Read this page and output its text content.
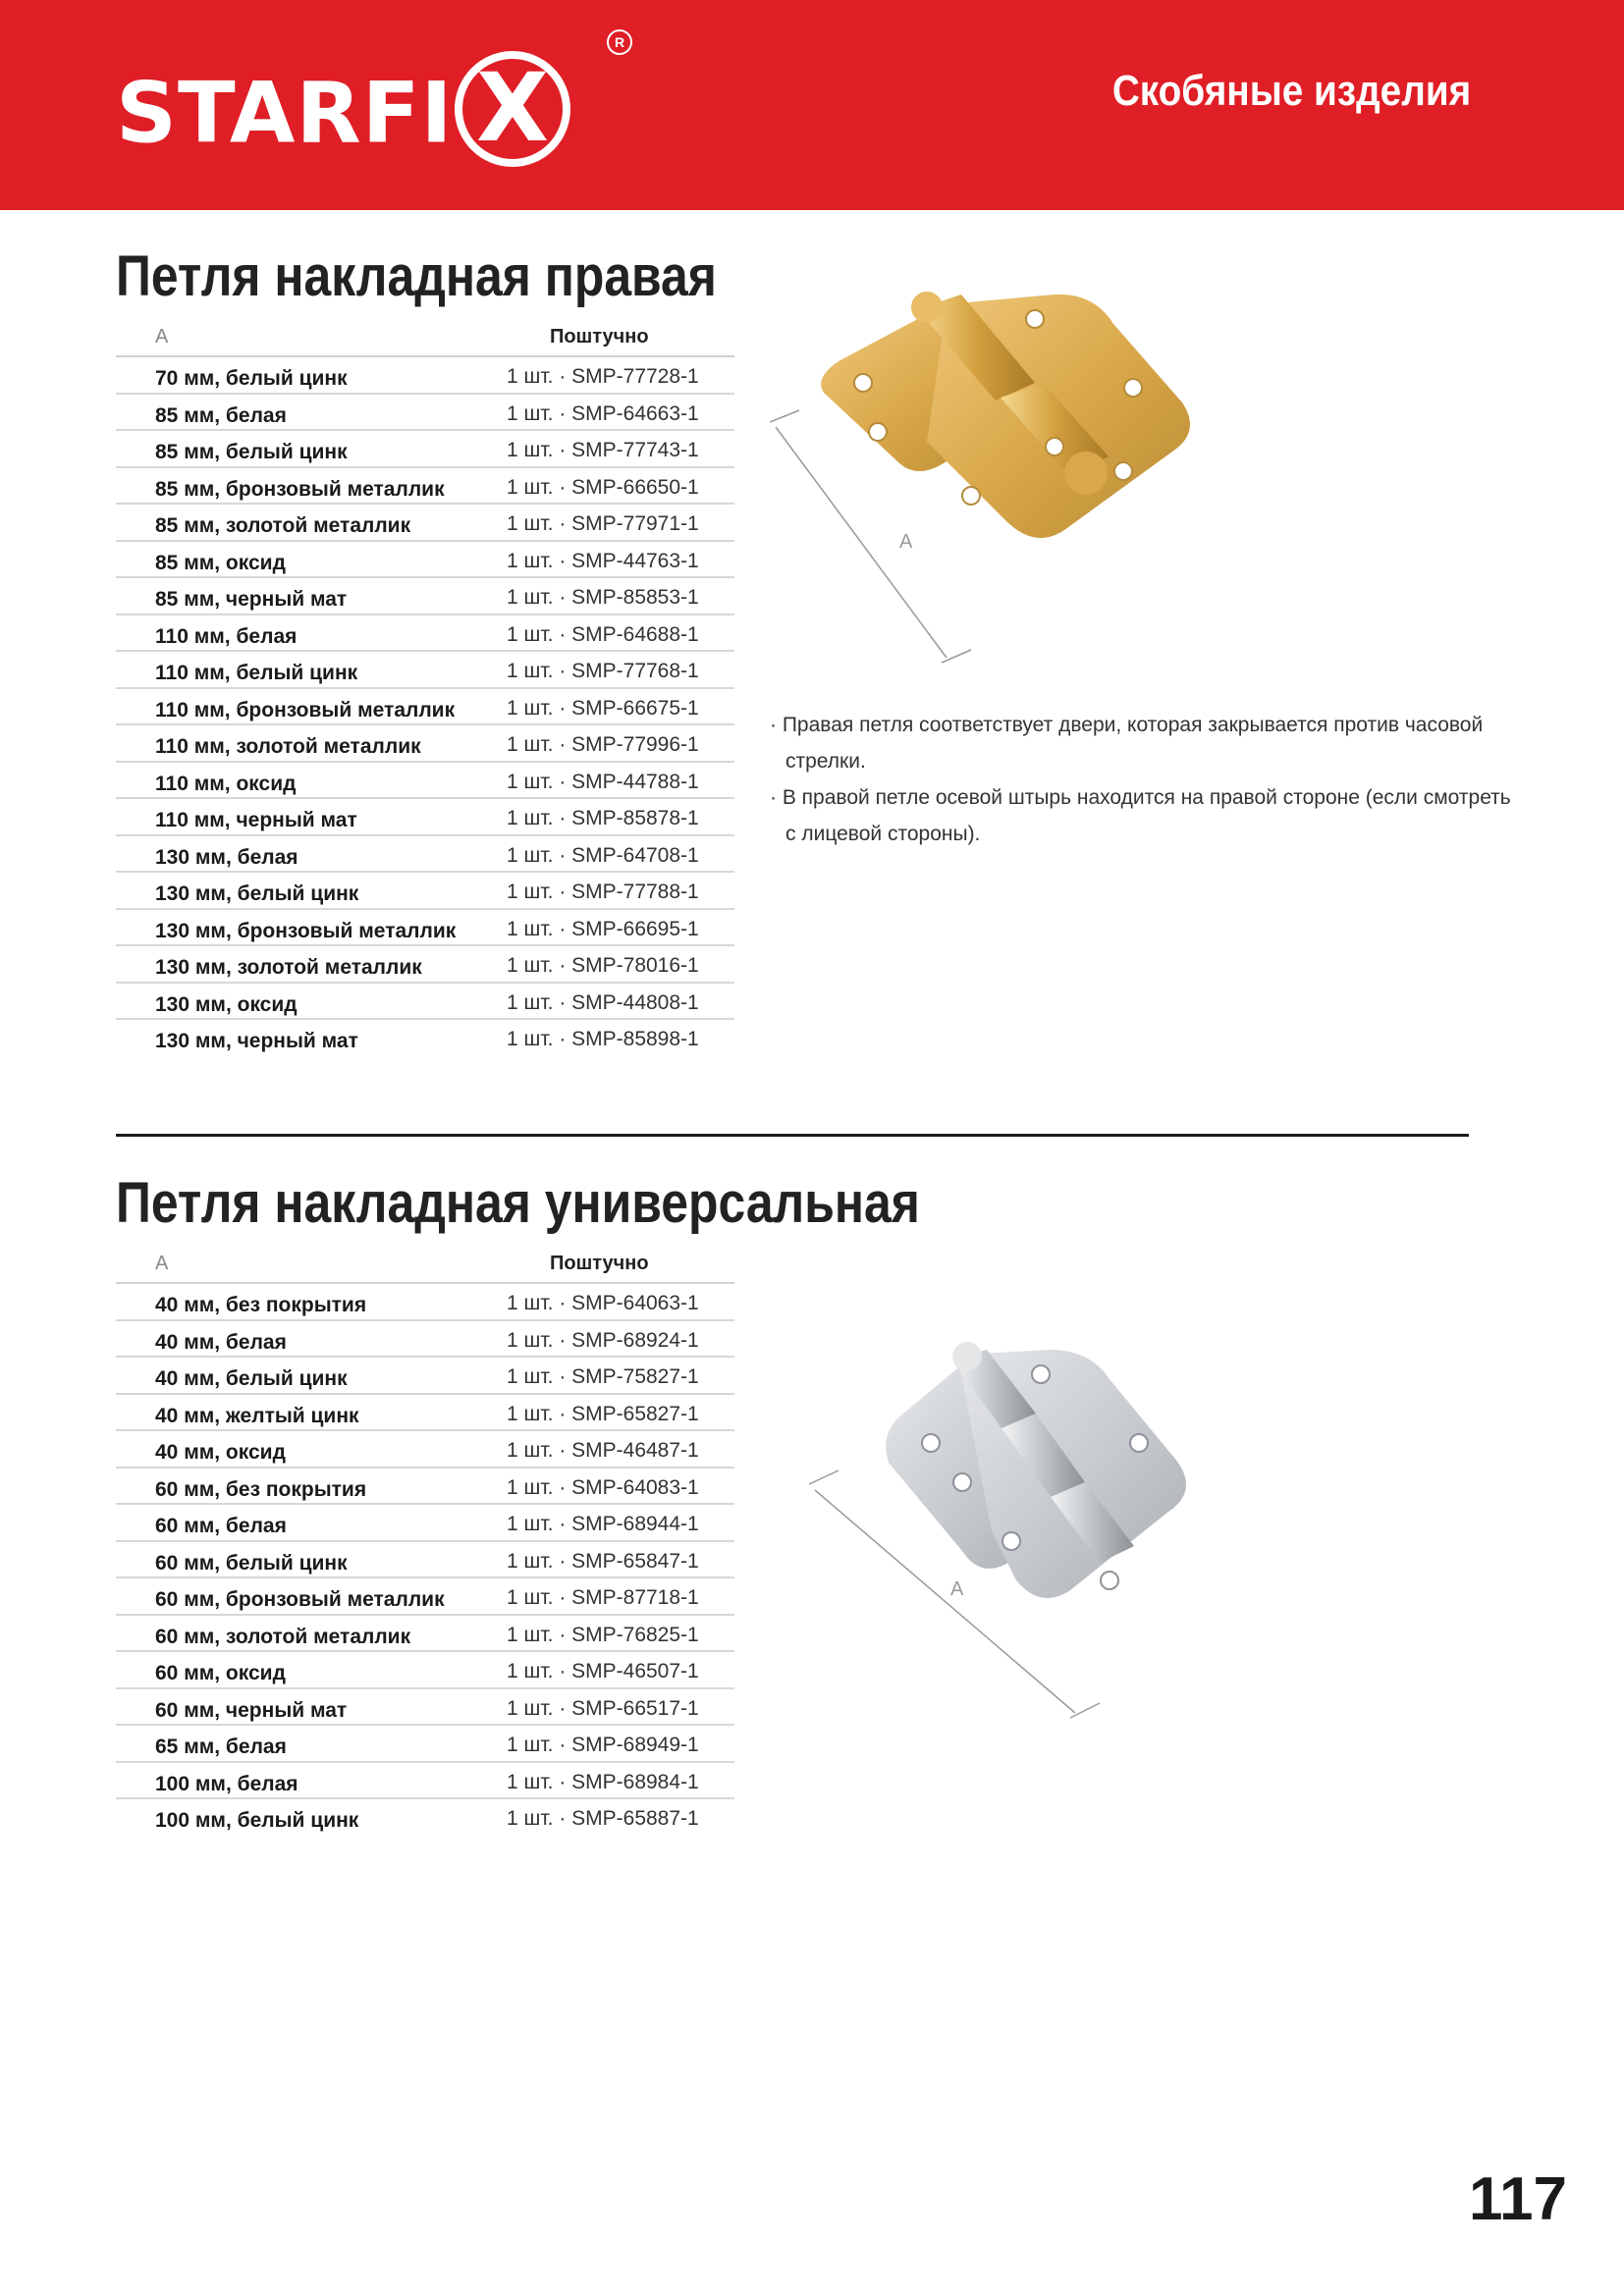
STARFI X
R
Скобяные изделия
Петля накладная правая
A	Поштучно
70 мм, белый цинк	1 шт. · SMP-77728-1
85 мм, белая	1 шт. · SMP-64663-1
85 мм, белый цинк	1 шт. · SMP-77743-1
85 мм, бронзовый металлик	1 шт. · SMP-66650-1
85 мм, золотой металлик	1 шт. · SMP-77971-1
85 мм, оксид	1 шт. · SMP-44763-1
85 мм, черный мат	1 шт. · SMP-85853-1
110 мм, белая	1 шт. · SMP-64688-1
110 мм, белый цинк	1 шт. · SMP-77768-1
110 мм, бронзовый металлик	1 шт. · SMP-66675-1
110 мм, золотой металлик	1 шт. · SMP-77996-1
110 мм, оксид	1 шт. · SMP-44788-1
110 мм, черный мат	1 шт. · SMP-85878-1
130 мм, белая	1 шт. · SMP-64708-1
130 мм, белый цинк	1 шт. · SMP-77788-1
130 мм, бронзовый металлик 1 шт. · SMP-66695-1
130 мм, золотой металлик	1 шт. · SMP-78016-1
130 мм, оксид	1 шт. · SMP-44808-1
130 мм, черный мат	1 шт. · SMP-85898-1
A

· Правая петля соответствует двери, которая закрывается против часовой стрелки.

· В правой петле осевой штырь находится на правой стороне (если смотреть с лицевой стороны).

Петля накладная универсальная
A	Поштучно
40 мм, без покрытия	1 шт. · SMP-64063-1
40 мм, белая	1 шт. · SMP-68924-1
40 мм, белый цинк	1 шт. · SMP-75827-1
40 мм, желтый цинк	1 шт. · SMP-65827-1
40 мм, оксид	1 шт. · SMP-46487-1
60 мм, без покрытия	1 шт. · SMP-64083-1
60 мм, белая	1 шт. · SMP-68944-1
60 мм, белый цинк	1 шт. · SMP-65847-1
60 мм, бронзовый металлик	1 шт. · SMP-87718-1
60 мм, золотой металлик	1 шт. · SMP-76825-1
60 мм, оксид	1 шт. · SMP-46507-1
60 мм, черный мат	1 шт. · SMP-66517-1
65 мм, белая	1 шт. · SMP-68949-1
100 мм, белая	1 шт. · SMP-68984-1
100 мм, белый цинк	1 шт. · SMP-65887-1
A
117
